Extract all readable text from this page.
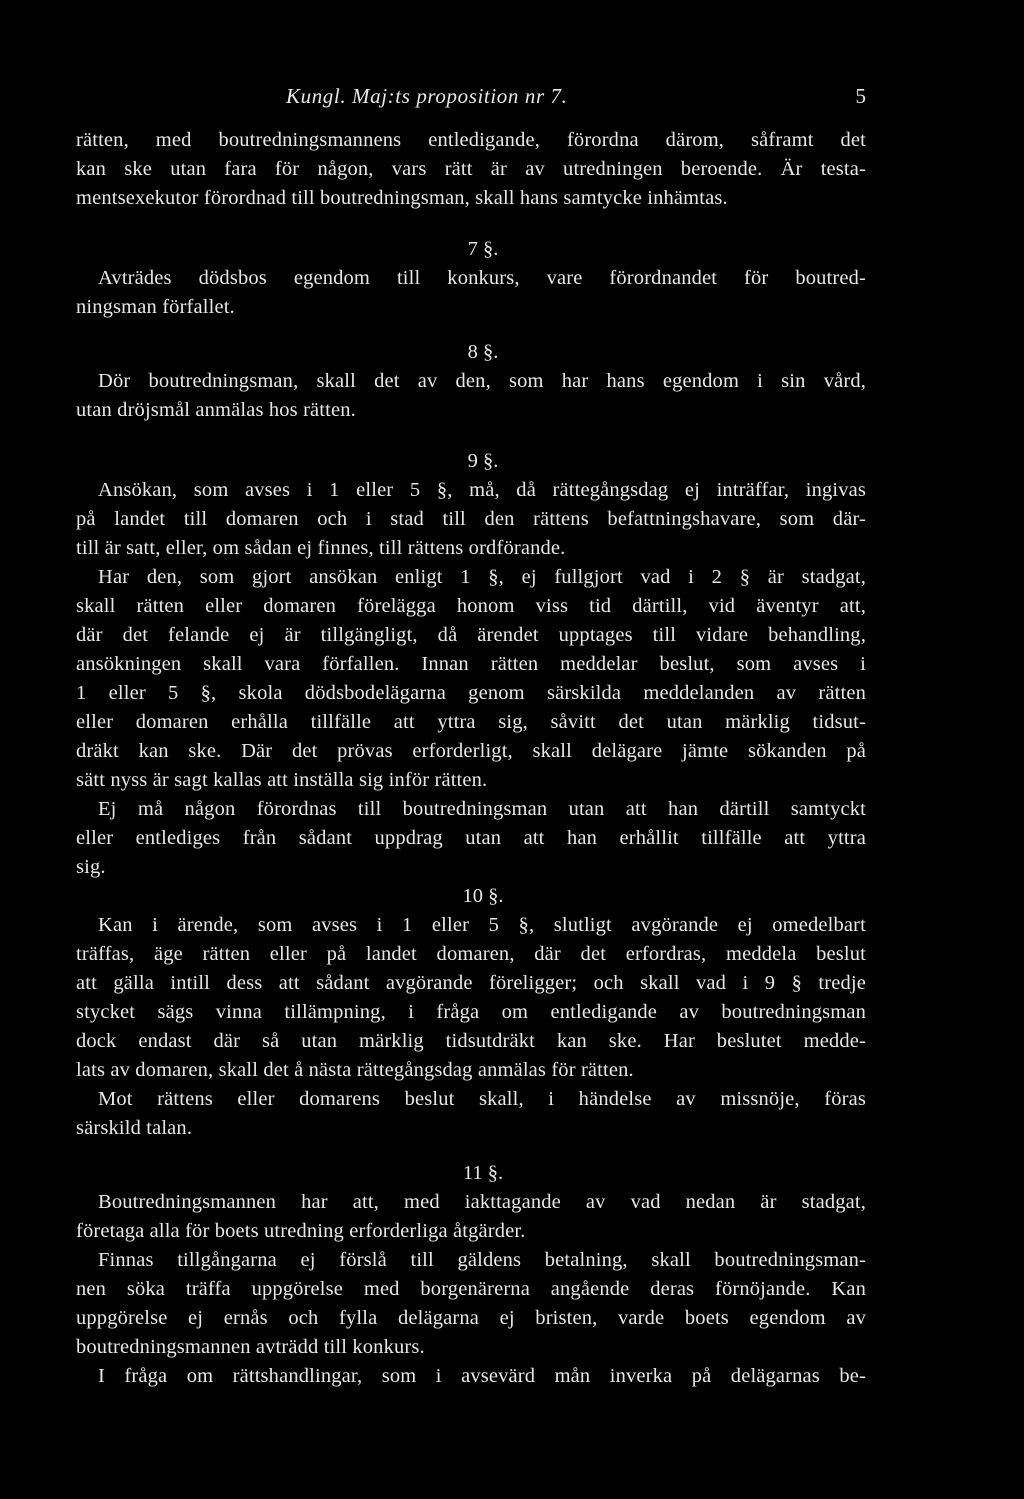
Kungl. Maj:ts proposition nr 7.	5
rätten, med boutredningsmannens entledigande, förordna därom, såframt det
kan ske utan fara för någon, vars rätt är av utredningen beroende. Är testa-
mentsexekutor förordnad till boutredningsman, skall hans samtycke inhämtas.
7 §.
Avträdes dödsbos egendom till konkurs, vare förordnandet för boutred-
ningsman förfallet.
8 §.
Dör boutredningsman, skall det av den, som har hans egendom i sin vård,
utan dröjsmål anmälas hos rätten.
9 §.
Ansökan, som avses i 1 eller 5 §, må, då rättegångsdag ej inträffar, ingivas
på landet till domaren och i stad till den rättens befattningshavare, som där-
till är satt, eller, om sådan ej finnes, till rättens ordförande.
Har den, som gjort ansökan enligt 1 §, ej fullgjort vad i 2 § är stadgat,
skall rätten eller domaren förelägga honom viss tid därtill, vid äventyr att,
där det felande ej är tillgängligt, då ärendet upptages till vidare behandling,
ansökningen skall vara förfallen. Innan rätten meddelar beslut, som avses i
1 eller 5 §, skola dödsbodelägarna genom särskilda meddelanden av rätten
eller domaren erhålla tillfälle att yttra sig, såvitt det utan märklig tidsut-
dräkt kan ske. Där det prövas erforderligt, skall delägare jämte sökanden på
sätt nyss är sagt kallas att inställa sig inför rätten.
Ej må någon förordnas till boutredningsman utan att han därtill samtyckt
eller entlediges från sådant uppdrag utan att han erhållit tillfälle att yttra
sig.
10 §.
Kan i ärende, som avses i 1 eller 5 §, slutligt avgörande ej omedelbart
träffas, äge rätten eller på landet domaren, där det erfordras, meddela beslut
att gälla intill dess att sådant avgörande föreligger; och skall vad i 9 § tredje
stycket sägs vinna tillämpning, i fråga om entledigande av boutredningsman
dock endast där så utan märklig tidsutdräkt kan ske. Har beslutet medde-
lats av domaren, skall det å nästa rättegångsdag anmälas för rätten.
Mot rättens eller domarens beslut skall, i händelse av missnöje, föras
särskild talan.
11 §.
Boutredningsmannen har att, med iakttagande av vad nedan är stadgat,
företaga alla för boets utredning erforderliga åtgärder.
Finnas tillgångarna ej förslå till gäldens betalning, skall boutredningsman-
nen söka träffa uppgörelse med borgenärerna angående deras förnöjande. Kan
uppgörelse ej ernås och fylla delägarna ej bristen, varde boets egendom av
boutredningsmannen avträdd till konkurs.
I fråga om rättshandlingar, som i avsevärd mån inverka på delägarnas be-
